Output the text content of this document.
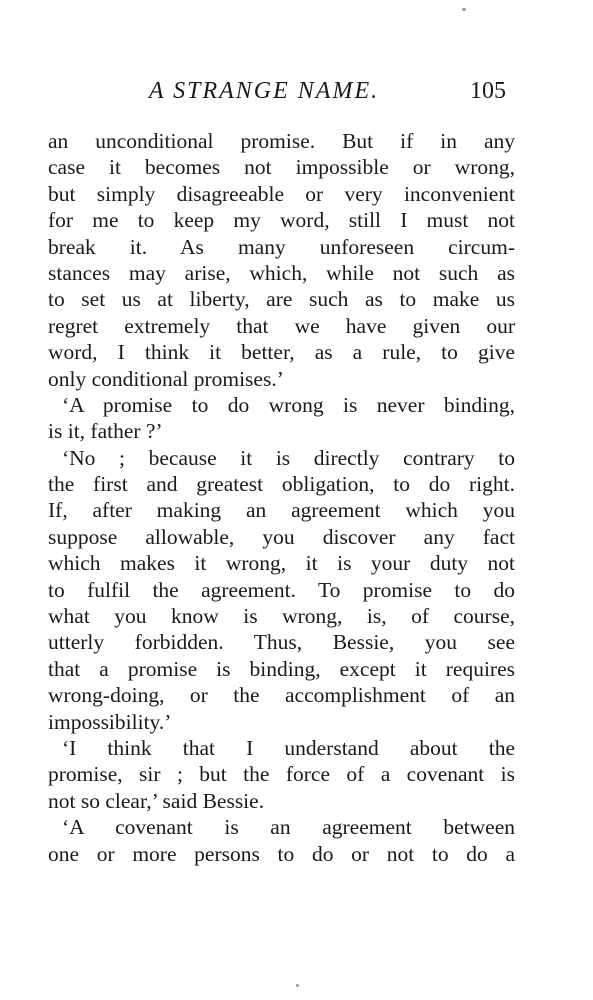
A STRANGE NAME.	105
an unconditional promise. But if in any
case it becomes not impossible or wrong,
but simply disagreeable or very inconvenient
for me to keep my word, still I must not
break it. As many unforeseen circum-
stances may arise, which, while not such as
to set us at liberty, are such as to make us
regret extremely that we have given our
word, I think it better, as a rule, to give
only conditional promises.’
‘A promise to do wrong is never binding,
is it, father ?’
‘No ; because it is directly contrary to
the first and greatest obligation, to do right.
If, after making an agreement which you
suppose allowable, you discover any fact
which makes it wrong, it is your duty not
to fulfil the agreement. To promise to do
what you know is wrong, is, of course,
utterly forbidden. Thus, Bessie, you see
that a promise is binding, except it requires
wrong-doing, or the accomplishment of an
impossibility.’
‘I think that I understand about the
promise, sir ; but the force of a covenant is
not so clear,’ said Bessie.
‘A covenant is an agreement between
one or more persons to do or not to do a
